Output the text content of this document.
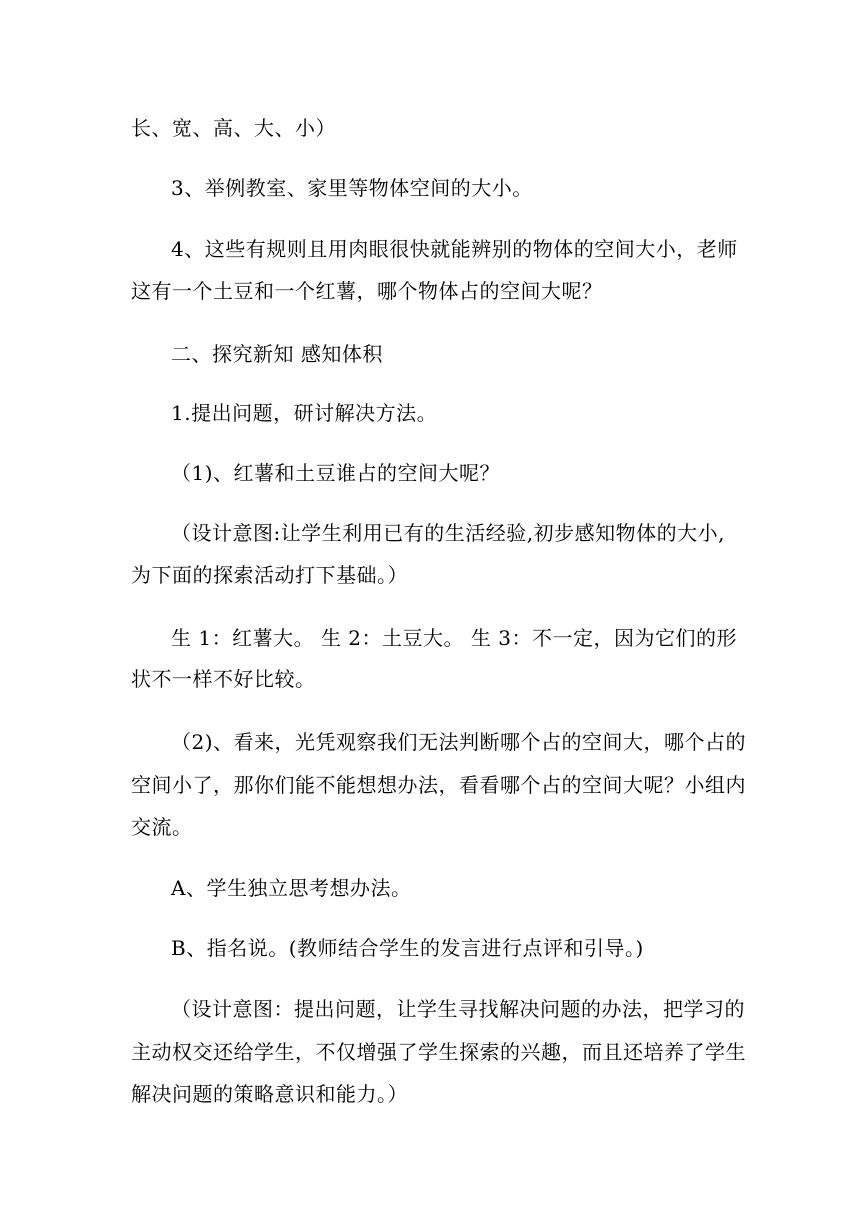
长、宽、高、大、小）
3、举例教室、家里等物体空间的大小。
4、这些有规则且用肉眼很快就能辨别的物体的空间大小，老师
这有一个土豆和一个红薯，哪个物体占的空间大呢？
二、探究新知 感知体积
1.提出问题，研讨解决方法。
（1)、红薯和土豆谁占的空间大呢？
（设计意图:让学生利用已有的生活经验,初步感知物体的大小,
为下面的探索活动打下基础。）
生 1：红薯大。 生 2：土豆大。 生 3：不一定，因为它们的形
状不一样不好比较。
（2)、看来，光凭观察我们无法判断哪个占的空间大，哪个占的
空间小了，那你们能不能想想办法，看看哪个占的空间大呢？小组内
交流。
A、学生独立思考想办法。
B、指名说。(教师结合学生的发言进行点评和引导。)
（设计意图：提出问题，让学生寻找解决问题的办法，把学习的
主动权交还给学生，不仅增强了学生探索的兴趣，而且还培养了学生
解决问题的策略意识和能力。）
